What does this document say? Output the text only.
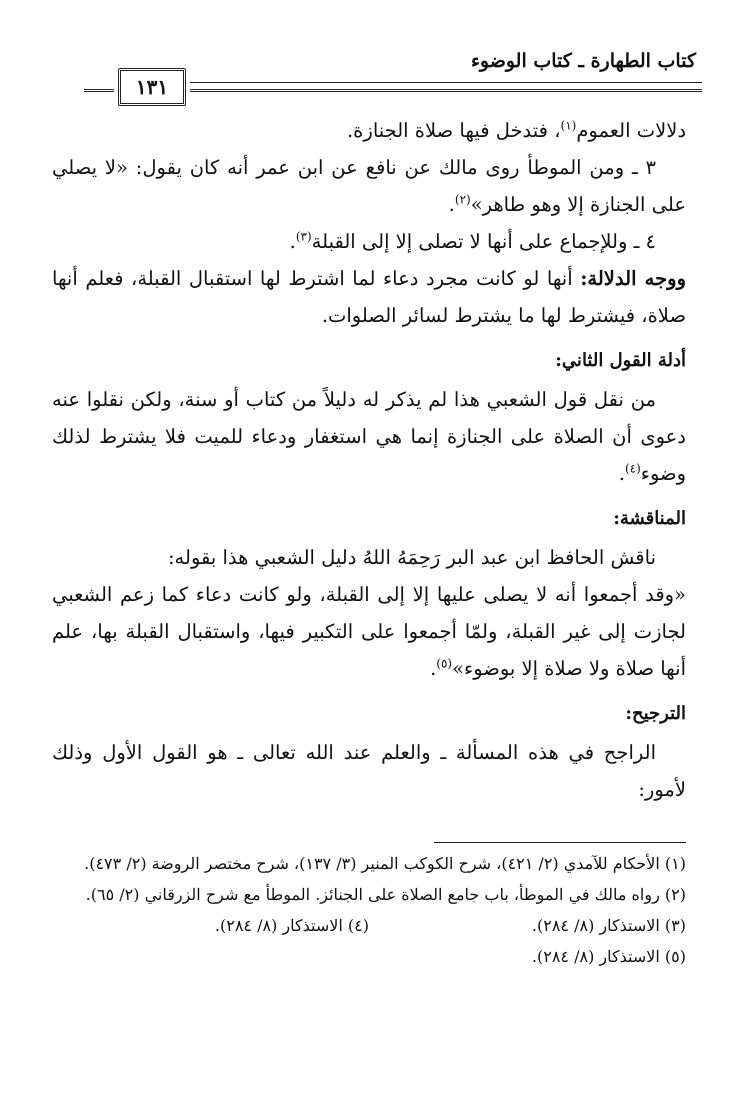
كتاب الطهارة ـ كتاب الوضوء
١٣١

دلالات العموم$^{(١)}$، فتدخل فيها صلاة الجنازة.

٣ ـ ومن الموطأ روى مالك عن نافع عن ابن عمر أنه كان يقول: «لا يصلي على الجنازة إلا وهو طاهر»$^{(٢)}$.

٤ ـ وللإجماع على أنها لا تصلى إلا إلى القبلة$^{(٣)}$.

ووجه الدلالة: أنها لو كانت مجرد دعاء لما اشترط لها استقبال القبلة، فعلم أنها صلاة، فيشترط لها ما يشترط لسائر الصلوات.

أدلة القول الثاني:

من نقل قول الشعبي هذا لم يذكر له دليلاً من كتاب أو سنة، ولكن نقلوا عنه دعوى أن الصلاة على الجنازة إنما هي استغفار ودعاء للميت فلا يشترط لذلك وضوء$^{(٤)}$.

المناقشة:

ناقش الحافظ ابن عبد البر رَحِمَهُ اللهُ دليل الشعبي هذا بقوله:

«وقد أجمعوا أنه لا يصلى عليها إلا إلى القبلة، ولو كانت دعاء كما زعم الشعبي لجازت إلى غير القبلة، ولمّا أجمعوا على التكبير فيها، واستقبال القبلة بها، علم أنها صلاة ولا صلاة إلا بوضوء»$^{(٥)}$.

الترجيح:

الراجح في هذه المسألة ـ والعلم عند الله تعالى ـ هو القول الأول وذلك لأمور:

(١) الأحكام للآمدي (٢/ ٤٢١)، شرح الكوكب المنير (٣/ ١٣٧)، شرح مختصر الروضة (٢/ ٤٧٣).

(٢) رواه مالك في الموطأ، باب جامع الصلاة على الجنائز. الموطأ مع شرح الزرقاني (٢/ ٦٥).

(٣) الاستذكار (٨/ ٢٨٤).

(٤) الاستذكار (٨/ ٢٨٤).

(٥) الاستذكار (٨/ ٢٨٤).
